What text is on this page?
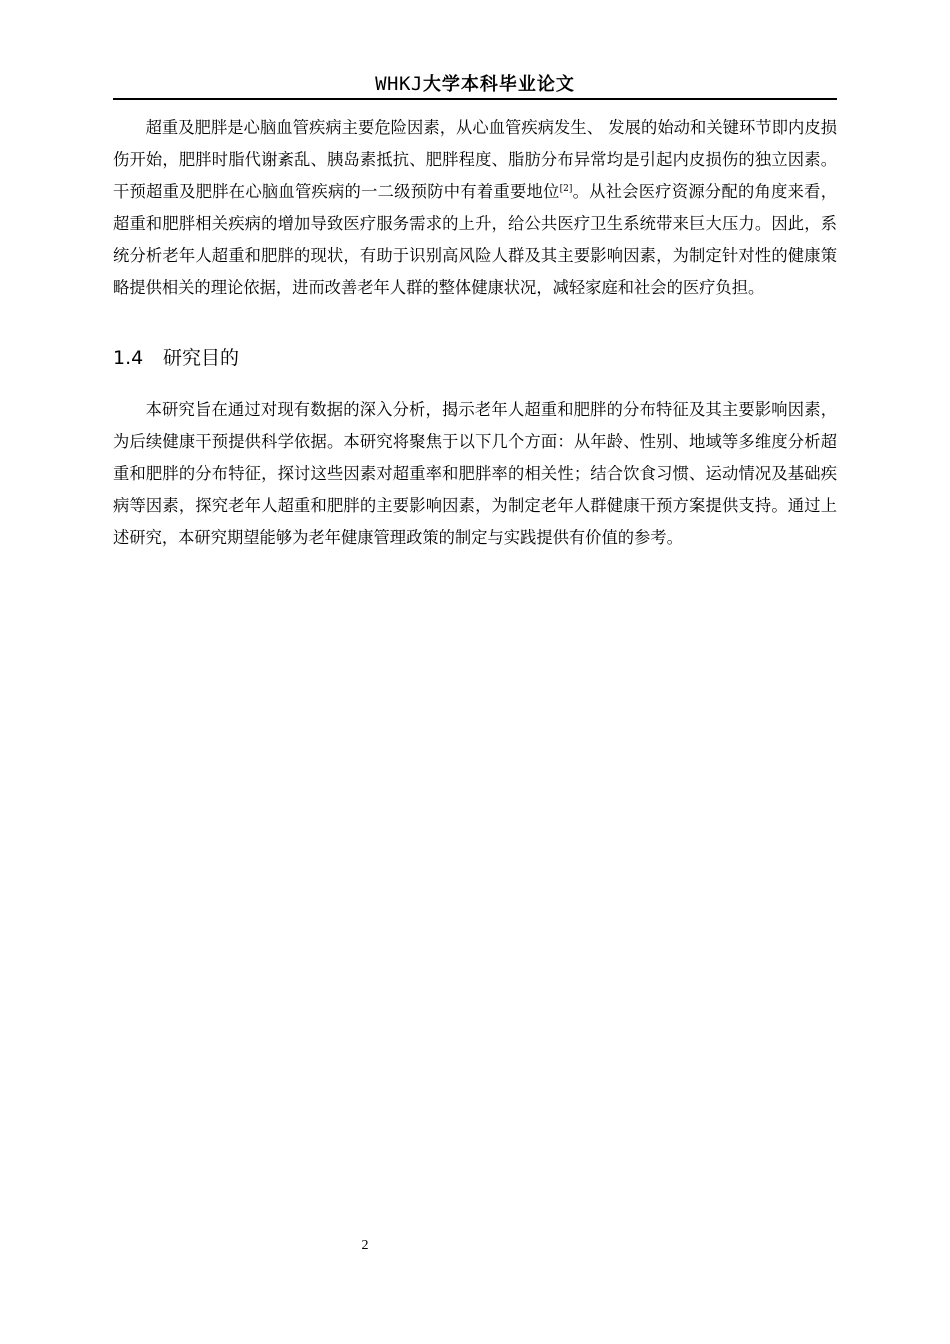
WHKJ大学本科毕业论文

超重及肥胖是心脑血管疾病主要危险因素，从心血管疾病发生、 发展的始动和关键环节即内皮损伤开始，肥胖时脂代谢紊乱、胰岛素抵抗、肥胖程度、脂肪分布异常均是引起内皮损伤的独立因素。干预超重及肥胖在心脑血管疾病的一二级预防中有着重要地位[2]。从社会医疗资源分配的角度来看，超重和肥胖相关疾病的增加导致医疗服务需求的上升，给公共医疗卫生系统带来巨大压力。因此，系统分析老年人超重和肥胖的现状，有助于识别高风险人群及其主要影响因素，为制定针对性的健康策略提供相关的理论依据，进而改善老年人群的整体健康状况，减轻家庭和社会的医疗负担。

1.4 研究目的

本研究旨在通过对现有数据的深入分析，揭示老年人超重和肥胖的分布特征及其主要影响因素，为后续健康干预提供科学依据。本研究将聚焦于以下几个方面：从年龄、性别、地域等多维度分析超重和肥胖的分布特征，探讨这些因素对超重率和肥胖率的相关性；结合饮食习惯、运动情况及基础疾病等因素，探究老年人超重和肥胖的主要影响因素，为制定老年人群健康干预方案提供支持。通过上述研究，本研究期望能够为老年健康管理政策的制定与实践提供有价值的参考。

2
